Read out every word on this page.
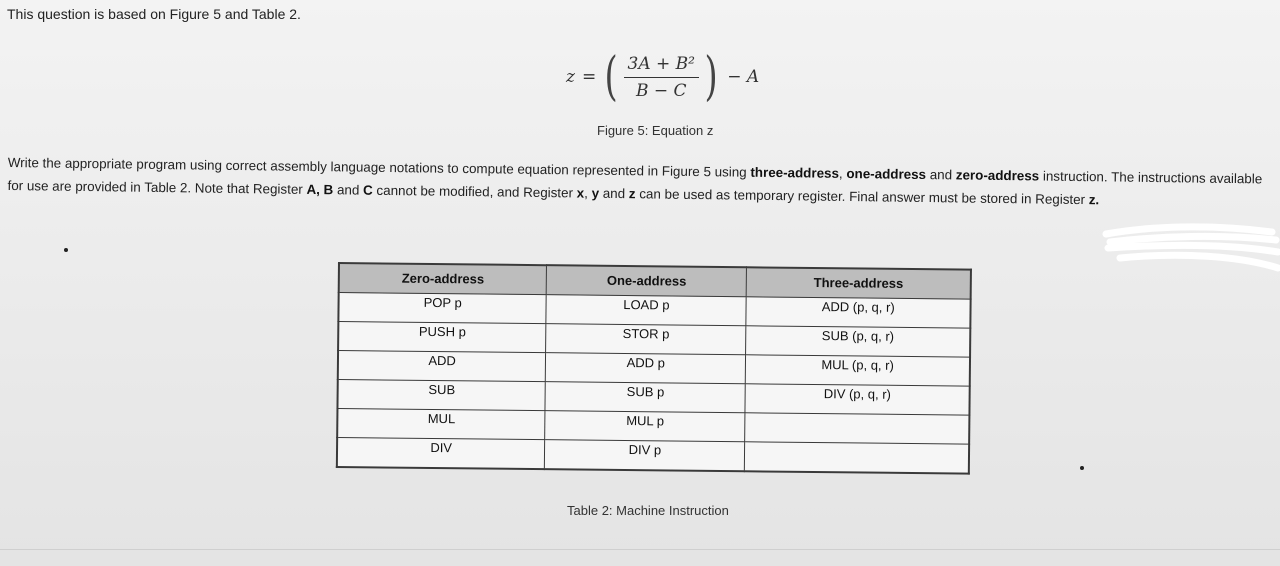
This question is based on Figure 5 and Table 2.
z = ( $\frac{\text{3A + B²}}{B - C}$ ) − A
Figure 5: Equation z
Write the appropriate program using correct assembly language notations to compute equation represented in Figure 5 using three-address, one-address and zero-address instruction. The instructions available for use are provided in Table 2. Note that Register A, B and C cannot be modified, and Register x, y and z can be used as temporary register. Final answer must be stored in Register z.
Zero-address	One-address	Three-address
POP p	LOAD p	ADD (p, q, r)
PUSH p	STOR p	SUB (p, q, r)
ADD	ADD p	MUL (p, q, r)
SUB	SUB p	DIV (p, q, r)
MUL	MUL p	
DIV	DIV p	
Table 2: Machine Instruction
